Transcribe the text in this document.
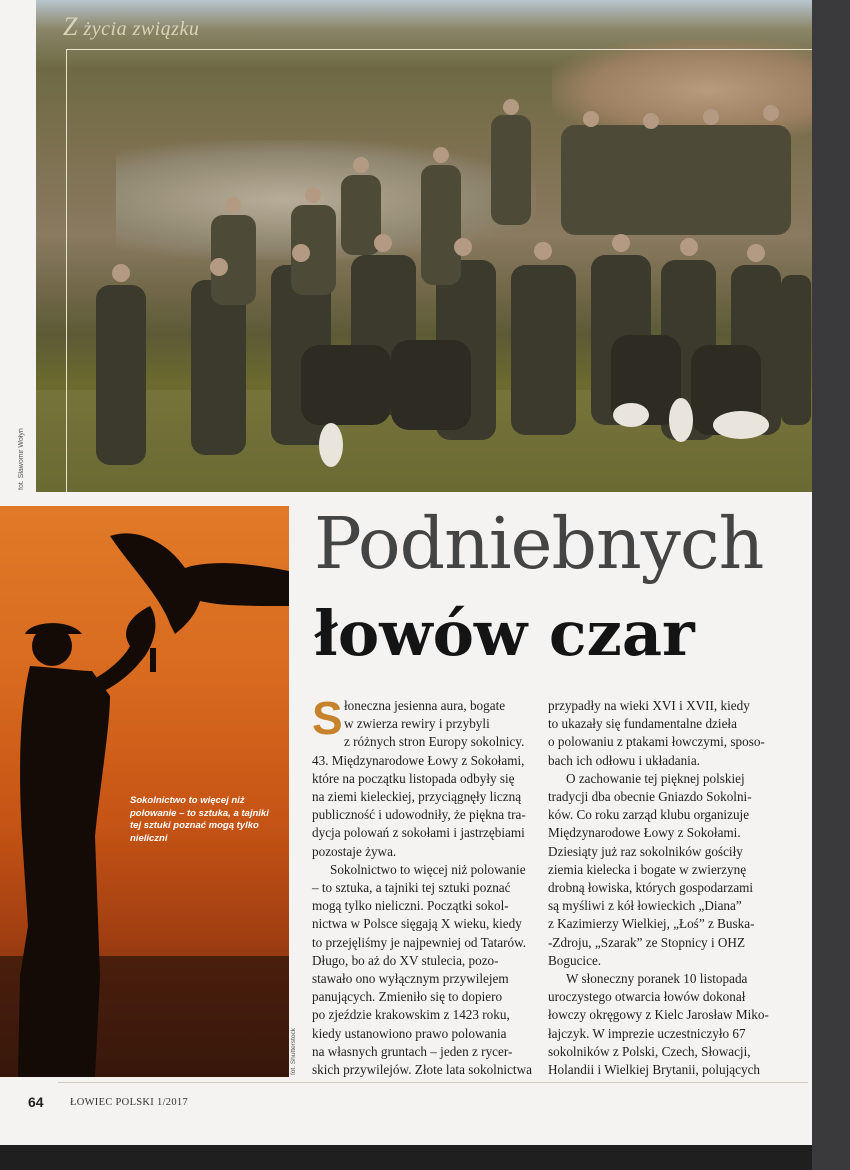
Z życia związku
fot. Sławomir Wołyń
Sokolnictwo to więcej niż polowanie – to sztuka, a tajniki tej sztuki poznać mogą tylko nieliczni
fot. Shutterstock
Podniebnych
łowów czar
S łoneczna jesienna aura, bogate
w zwierza rewiry i przybyli
z różnych stron Europy sokolnicy.
43. Międzynarodowe Łowy z Sokołami,
które na początku listopada odbyły się
na ziemi kieleckiej, przyciągnęły liczną
publiczność i udowodniły, że piękna tra-
dycja polowań z sokołami i jastrzębiami
pozostaje żywa.
Sokolnictwo to więcej niż polowanie
– to sztuka, a tajniki tej sztuki poznać
mogą tylko nieliczni. Początki sokol-
nictwa w Polsce sięgają X wieku, kiedy
to przejęliśmy je najpewniej od Tatarów.
Długo, bo aż do XV stulecia, pozo-
stawało ono wyłącznym przywilejem
panujących. Zmieniło się to dopiero
po zjeździe krakowskim z 1423 roku,
kiedy ustanowiono prawo polowania
na własnych gruntach – jeden z rycer-
skich przywilejów. Złote lata sokolnictwa
przypadły na wieki XVI i XVII, kiedy
to ukazały się fundamentalne dzieła
o polowaniu z ptakami łowczymi, sposo-
bach ich odłowu i układania.
O zachowanie tej pięknej polskiej
tradycji dba obecnie Gniazdo Sokolni-
ków. Co roku zarząd klubu organizuje
Międzynarodowe Łowy z Sokołami.
Dziesiąty już raz sokolników gościły
ziemia kielecka i bogate w zwierzynę
drobną łowiska, których gospodarzami
są myśliwi z kół łowieckich „Diana”
z Kazimierzy Wielkiej, „Łoś” z Buska-
-Zdroju, „Szarak” ze Stopnicy i OHZ
Bogucice.
W słoneczny poranek 10 listopada
uroczystego otwarcia łowów dokonał
łowczy okręgowy z Kielc Jarosław Miko-
łajczyk. W imprezie uczestniczyło 67
sokolników z Polski, Czech, Słowacji,
Holandii i Wielkiej Brytanii, polujących
64	ŁOWIEC POLSKI 1/2017
